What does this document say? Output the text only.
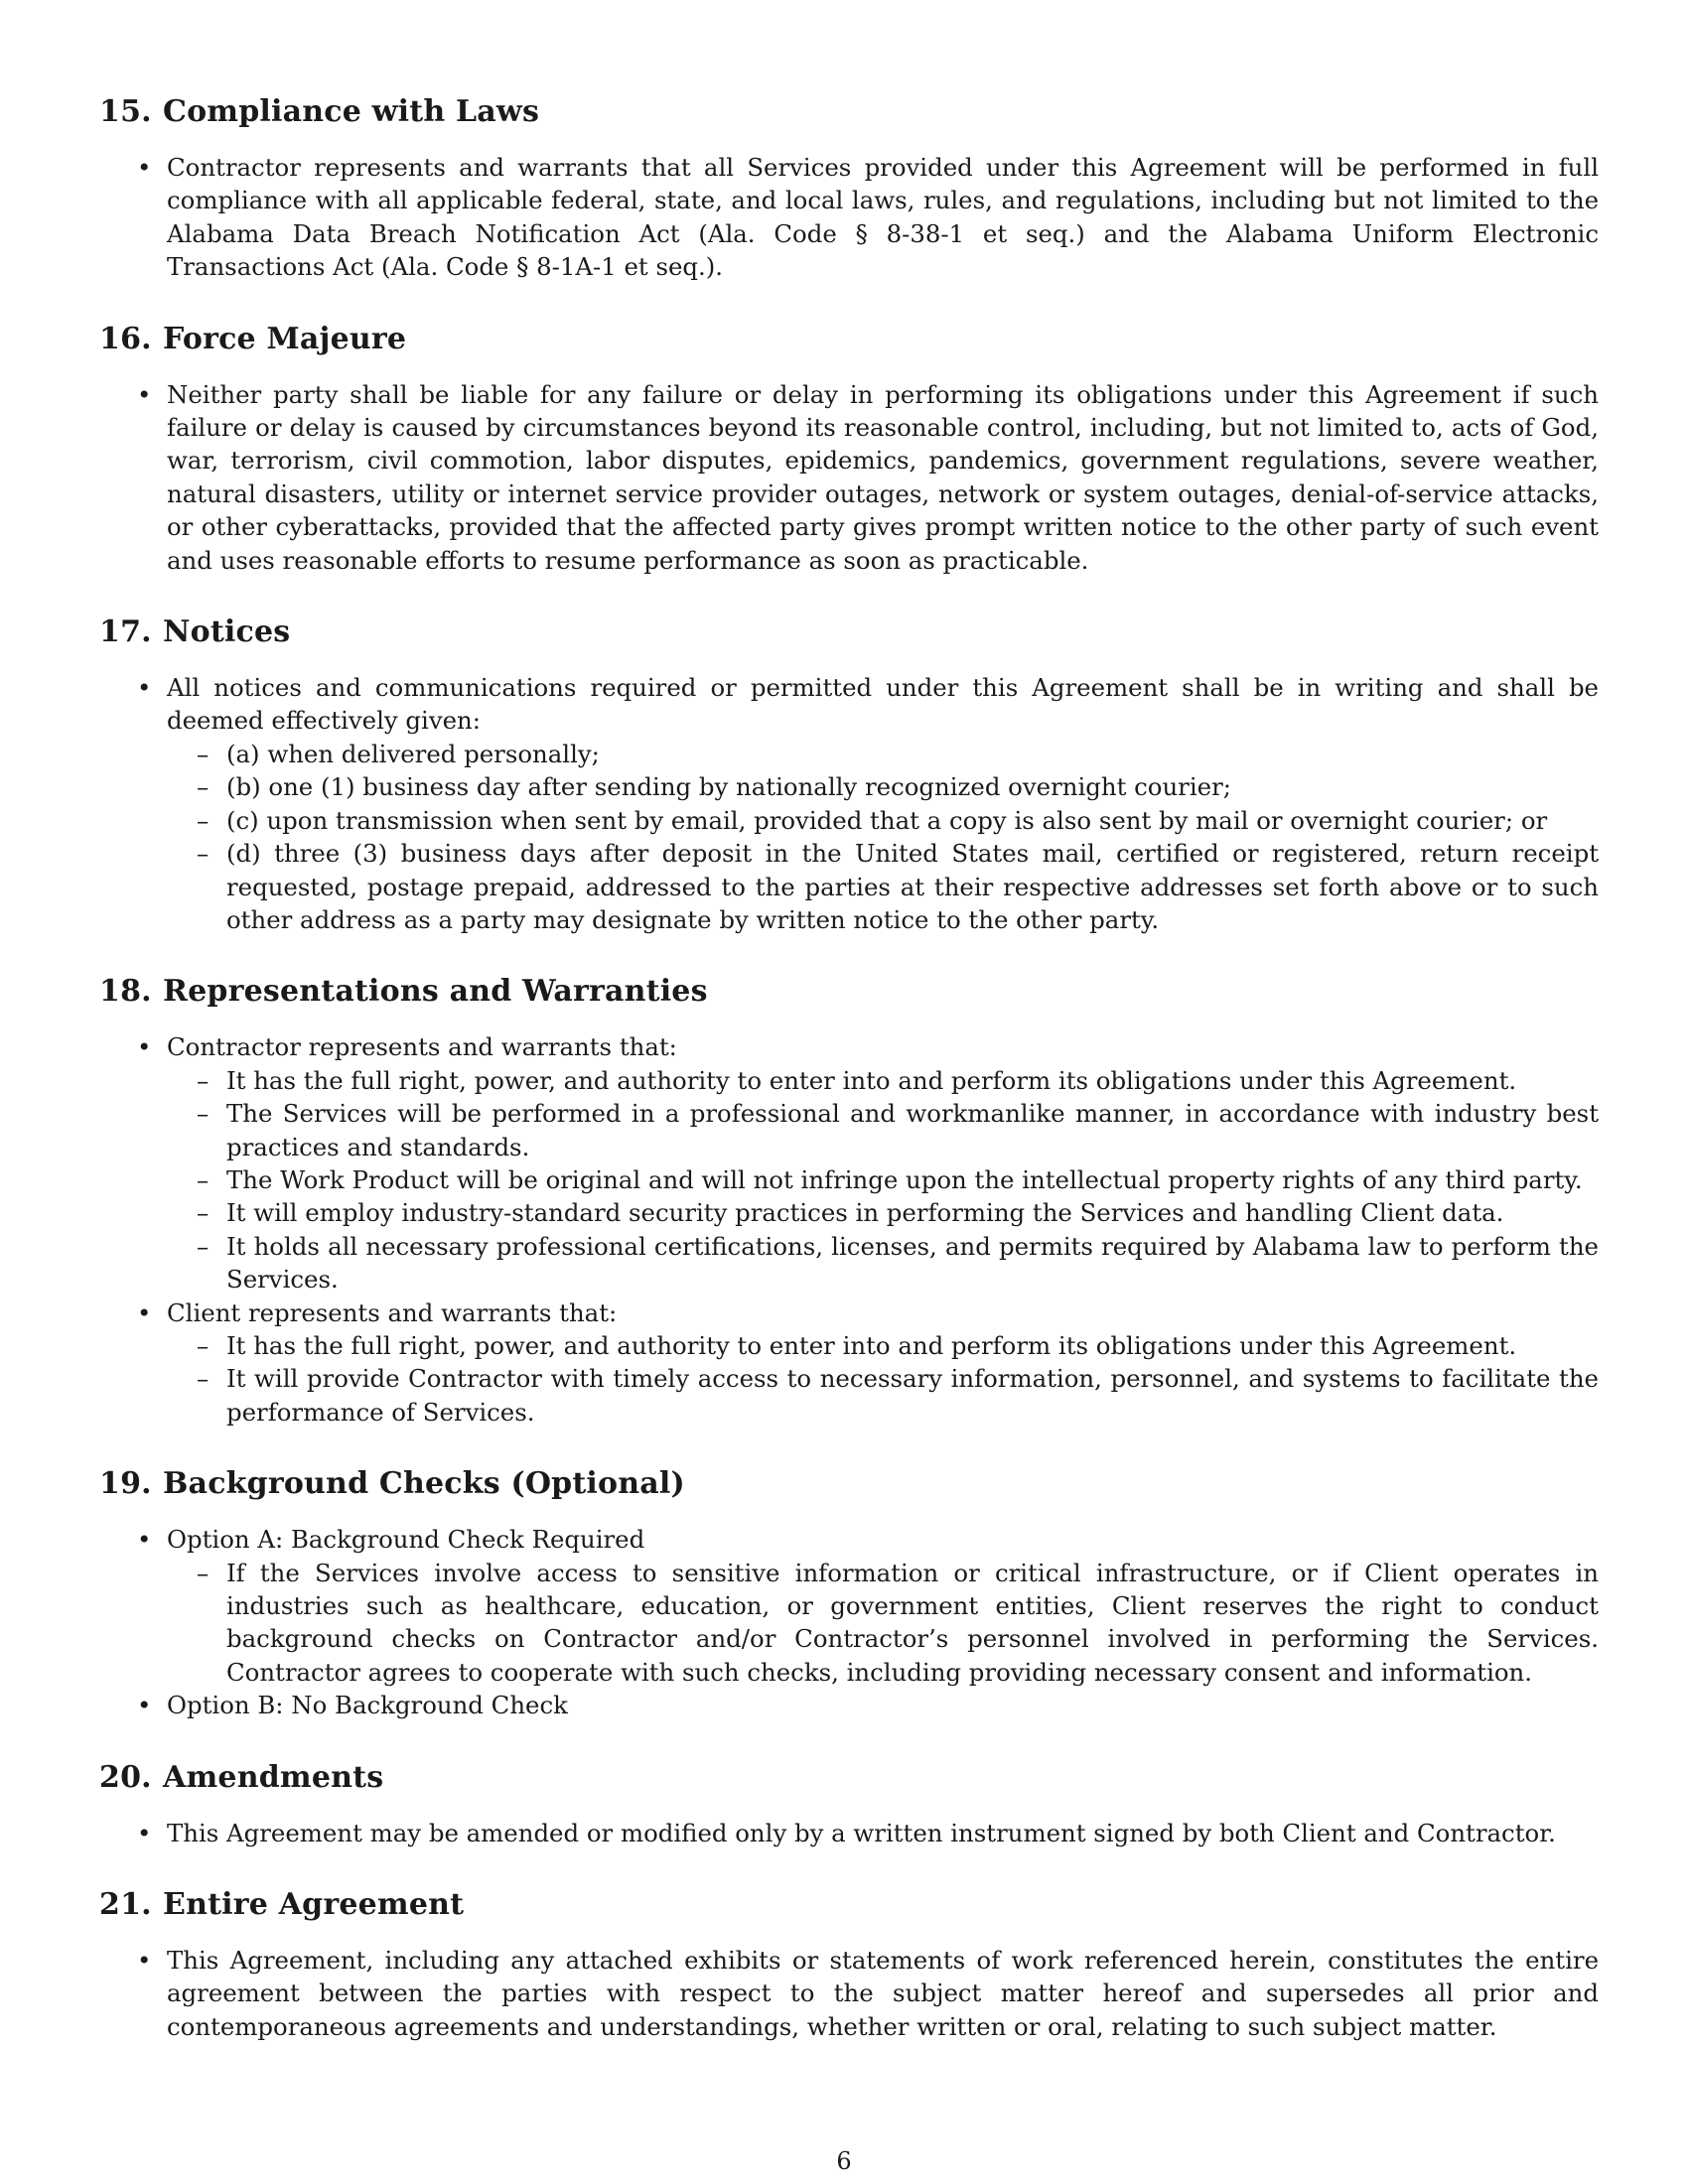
15. Compliance with Laws
• Contractor represents and warrants that all Services provided under this Agreement will be performed in full compliance with all applicable federal, state, and local laws, rules, and regulations, including but not limited to the Alabama Data Breach Notification Act (Ala. Code § 8-38-1 et seq.) and the Alabama Uniform Electronic Transactions Act (Ala. Code § 8-1A-1 et seq.).
16. Force Majeure
• Neither party shall be liable for any failure or delay in performing its obligations under this Agreement if such failure or delay is caused by circumstances beyond its reasonable control, including, but not limited to, acts of God, war, terrorism, civil commotion, labor disputes, epidemics, pandemics, government regulations, severe weather, natural disasters, utility or internet service provider outages, network or system outages, denial-of-service attacks, or other cyberattacks, provided that the affected party gives prompt written notice to the other party of such event and uses reasonable efforts to resume performance as soon as practicable.
17. Notices
• All notices and communications required or permitted under this Agreement shall be in writing and shall be deemed effectively given:
– (a) when delivered personally;
– (b) one (1) business day after sending by nationally recognized overnight courier;
– (c) upon transmission when sent by email, provided that a copy is also sent by mail or overnight courier; or
– (d) three (3) business days after deposit in the United States mail, certified or registered, return receipt requested, postage prepaid, addressed to the parties at their respective addresses set forth above or to such other address as a party may designate by written notice to the other party.
18. Representations and Warranties
• Contractor represents and warrants that:
– It has the full right, power, and authority to enter into and perform its obligations under this Agreement.
– The Services will be performed in a professional and workmanlike manner, in accordance with industry best practices and standards.
– The Work Product will be original and will not infringe upon the intellectual property rights of any third party.
– It will employ industry-standard security practices in performing the Services and handling Client data.
– It holds all necessary professional certifications, licenses, and permits required by Alabama law to perform the Services.
• Client represents and warrants that:
– It has the full right, power, and authority to enter into and perform its obligations under this Agreement.
– It will provide Contractor with timely access to necessary information, personnel, and systems to facilitate the performance of Services.
19. Background Checks (Optional)
• Option A: Background Check Required
– If the Services involve access to sensitive information or critical infrastructure, or if Client operates in industries such as healthcare, education, or government entities, Client reserves the right to conduct background checks on Contractor and/or Contractor’s personnel involved in performing the Services. Contractor agrees to cooperate with such checks, including providing necessary consent and information.
• Option B: No Background Check
20. Amendments
• This Agreement may be amended or modified only by a written instrument signed by both Client and Contractor.
21. Entire Agreement
• This Agreement, including any attached exhibits or statements of work referenced herein, constitutes the entire agreement between the parties with respect to the subject matter hereof and supersedes all prior and contemporaneous agreements and understandings, whether written or oral, relating to such subject matter.
6
